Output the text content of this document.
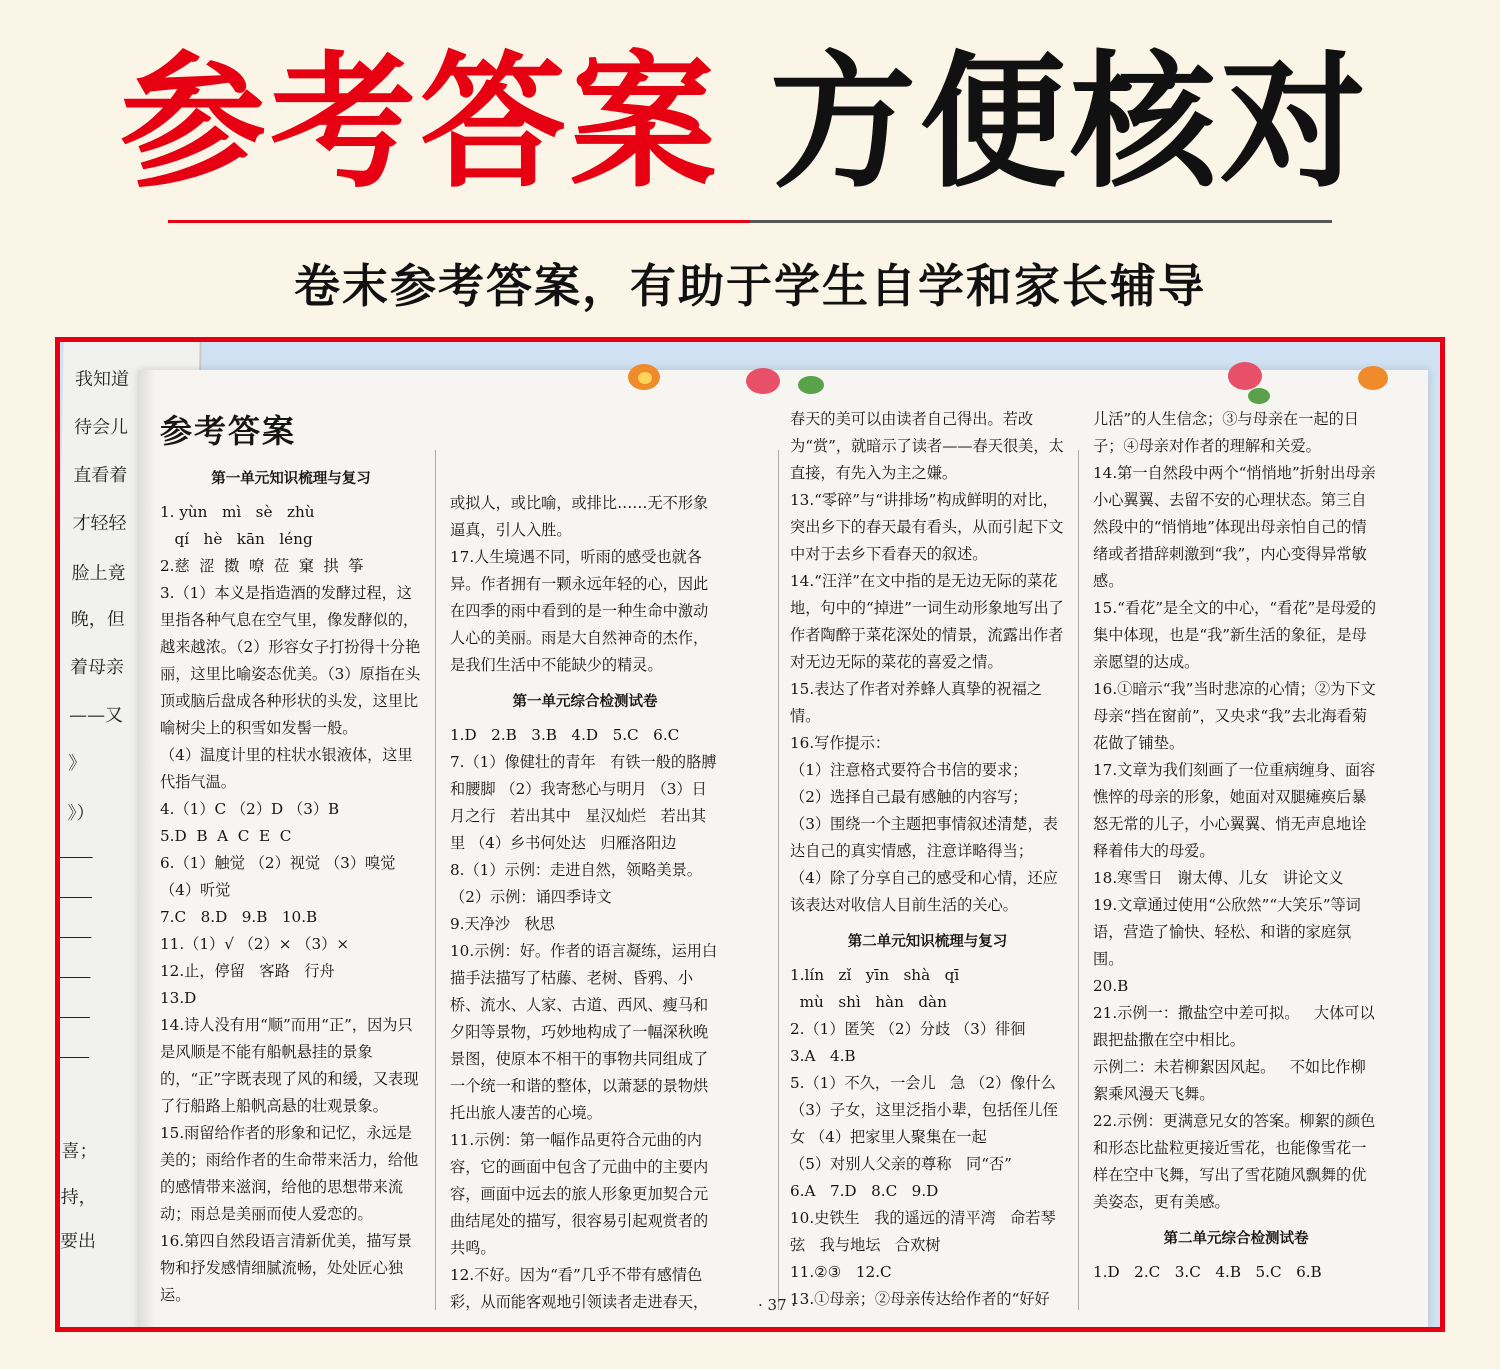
参考答案 方便核对
卷末参考答案，有助于学生自学和家长辅导
我知道
待会儿
直看着
才轻轻
脸上竟
晚，但
着母亲
——又
》
》）
喜；
持，
要出
参考答案
第一单元知识梳理与复习

1. yùn   mì   sè   zhù

qí   hè   kān   léng

2.慈  涩  擞  嘹  莅  窠  拱  筝

3.（1）本义是指造酒的发酵过程，这里指各种气息在空气里，像发酵似的，越来越浓。（2）形容女子打扮得十分艳丽，这里比喻姿态优美。（3）原指在头顶或脑后盘成各种形状的头发，这里比喻树尖上的积雪如发髻一般。

（4）温度计里的柱状水银液体，这里代指气温。

4.（1）C （2）D （3）B

5.D  B  A  C  E  C

6.（1）触觉 （2）视觉 （3）嗅觉

（4）听觉

7.C   8.D   9.B   10.B

11.（1）√ （2）× （3）×

12.止，停留   客路   行舟

13.D

14.诗人没有用“顺”而用“正”，因为只是风顺是不能有船帆悬挂的景象的，“正”字既表现了风的和缓，又表现了行船路上船帆高悬的壮观景象。

15.雨留给作者的形象和记忆，永远是美的；雨给作者的生命带来活力，给他的感情带来滋润，给他的思想带来流动；雨总是美丽而使人爱恋的。

16.第四自然段语言清新优美，描写景物和抒发感情细腻流畅，处处匠心独运。

或拟人，或比喻，或排比……无不形象逼真，引人入胜。

17.人生境遇不同，听雨的感受也就各异。作者拥有一颗永远年轻的心，因此在四季的雨中看到的是一种生命中激动人心的美丽。雨是大自然神奇的杰作，是我们生活中不能缺少的精灵。

第一单元综合检测试卷

1.D   2.B   3.B   4.D   5.C   6.C

7.（1）像健壮的青年   有铁一般的胳膊和腰脚 （2）我寄愁心与明月 （3）日月之行   若出其中   星汉灿烂   若出其里 （4）乡书何处达   归雁洛阳边

8.（1）示例：走进自然，领略美景。

（2）示例：诵四季诗文

9.天净沙   秋思

10.示例：好。作者的语言凝练，运用白描手法描写了枯藤、老树、昏鸦、小桥、流水、人家、古道、西风、瘦马和夕阳等景物，巧妙地构成了一幅深秋晚景图，使原本不相干的事物共同组成了一个统一和谐的整体，以萧瑟的景物烘托出旅人凄苦的心境。

11.示例：第一幅作品更符合元曲的内容，它的画面中包含了元曲中的主要内容，画面中远去的旅人形象更加契合元曲结尾处的描写，很容易引起观赏者的共鸣。

12.不好。因为“看”几乎不带有感情色彩，从而能客观地引领读者走进春天，

春天的美可以由读者自己得出。若改为“赏”，就暗示了读者——春天很美，太直接，有先入为主之嫌。

13.“零碎”与“讲排场”构成鲜明的对比，突出乡下的春天最有看头，从而引起下文中对于去乡下看春天的叙述。

14.“汪洋”在文中指的是无边无际的菜花地，句中的“掉进”一词生动形象地写出了作者陶醉于菜花深处的情景，流露出作者对无边无际的菜花的喜爱之情。

15.表达了作者对养蜂人真挚的祝福之情。

16.写作提示：

（1）注意格式要符合书信的要求；

（2）选择自己最有感触的内容写；

（3）围绕一个主题把事情叙述清楚，表达自己的真实情感，注意详略得当；

（4）除了分享自己的感受和心情，还应该表达对收信人目前生活的关心。

第二单元知识梳理与复习

1.lín   zǐ   yīn   shà   qī

mù   shì   hàn   dàn

2.（1）匿笑 （2）分歧 （3）徘徊

3.A   4.B

5.（1）不久，一会儿   急 （2）像什么 （3）子女，这里泛指小辈，包括侄儿侄女 （4）把家里人聚集在一起

（5）对别人父亲的尊称   同“否”

6.A   7.D   8.C   9.D

10.史铁生   我的遥远的清平湾   命若琴弦   我与地坛   合欢树

11.②③   12.C

13.①母亲；②母亲传达给作者的“好好

儿活”的人生信念；③与母亲在一起的日子；④母亲对作者的理解和关爱。

14.第一自然段中两个“悄悄地”折射出母亲小心翼翼、去留不安的心理状态。第三自然段中的“悄悄地”体现出母亲怕自己的情绪或者措辞刺激到“我”，内心变得异常敏感。

15.“看花”是全文的中心，“看花”是母爱的集中体现，也是“我”新生活的象征，是母亲愿望的达成。

16.①暗示“我”当时悲凉的心情；②为下文母亲“挡在窗前”，又央求“我”去北海看菊花做了铺垫。

17.文章为我们刻画了一位重病缠身、面容憔悴的母亲的形象，她面对双腿瘫痪后暴怒无常的儿子，小心翼翼、悄无声息地诠释着伟大的母爱。

18.寒雪日   谢太傅、儿女   讲论文义

19.文章通过使用“公欣然”“大笑乐”等词语，营造了愉快、轻松、和谐的家庭氛围。

20.B

21.示例一：撒盐空中差可拟。   大体可以跟把盐撒在空中相比。

示例二：未若柳絮因风起。   不如比作柳絮乘风漫天飞舞。

22.示例：更满意兄女的答案。柳絮的颜色和形态比盐粒更接近雪花，也能像雪花一样在空中飞舞，写出了雪花随风飘舞的优美姿态，更有美感。

第二单元综合检测试卷

1.D   2.C   3.C   4.B   5.C   6.B

· 37 ·
